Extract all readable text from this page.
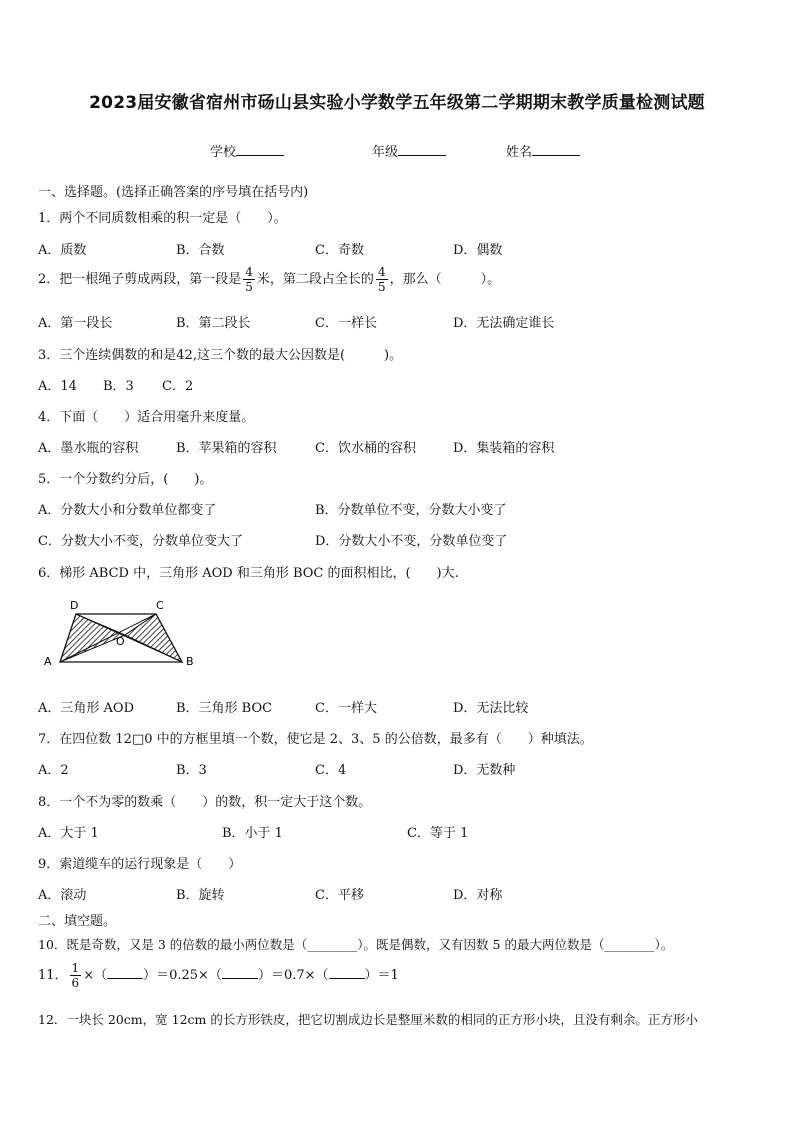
2023届安徽省宿州市砀山县实验小学数学五年级第二学期期末教学质量检测试题
学校	年级	姓名
一、选择题。(选择正确答案的序号填在括号内)
1．两个不同质数相乘的积一定是（　　）。
A．质数	B．合数	C．奇数	D．偶数
2．把一根绳子剪成两段，第一段是 $\frac{4}{5}$ 米，第二段占全长的 $\frac{4}{5}$ ，那么（　　　）。
A．第一段长	B．第二段长	C．一样长	D．无法确定谁长
3．三个连续偶数的和是42,这三个数的最大公因数是(　　　)。
A．14 B．3 C．2
4．下面（　　）适合用毫升来度量。
A．墨水瓶的容积	B．苹果箱的容积	C．饮水桶的容积	D．集装箱的容积
5．一个分数约分后，(　　)。
A．分数大小和分数单位都变了	B．分数单位不变，分数大小变了
C．分数大小不变，分数单位变大了	D．分数大小不变，分数单位变了
6．梯形 ABCD 中，三角形 AOD 和三角形 BOC 的面积相比，(　　)大.
A	B
C
D
O
A．三角形 AOD	B．三角形 BOC	C．一样大	D．无法比较
7．在四位数 12□0 中的方框里填一个数，使它是 2、3、5 的公倍数，最多有（　　）种填法。
A．2	B．3	C．4	D．无数种
8．一个不为零的数乘（　　）的数，积一定大于这个数。
A．大于 1	B．小于 1	C．等于 1
9．索道缆车的运行现象是（　　）
A．滚动	B．旋转	C．平移	D．对称
二、填空题。
10．既是奇数，又是 3 的倍数的最小两位数是（________）。既是偶数，又有因数 5 的最大两位数是（________）。
11． $\frac{1}{6}$ ×（	）＝0.25×（	）＝0.7×（	）＝1
12．一块长 20cm，宽 12cm 的长方形铁皮，把它切割成边长是整厘米数的相同的正方形小块，且没有剩余。正方形小
